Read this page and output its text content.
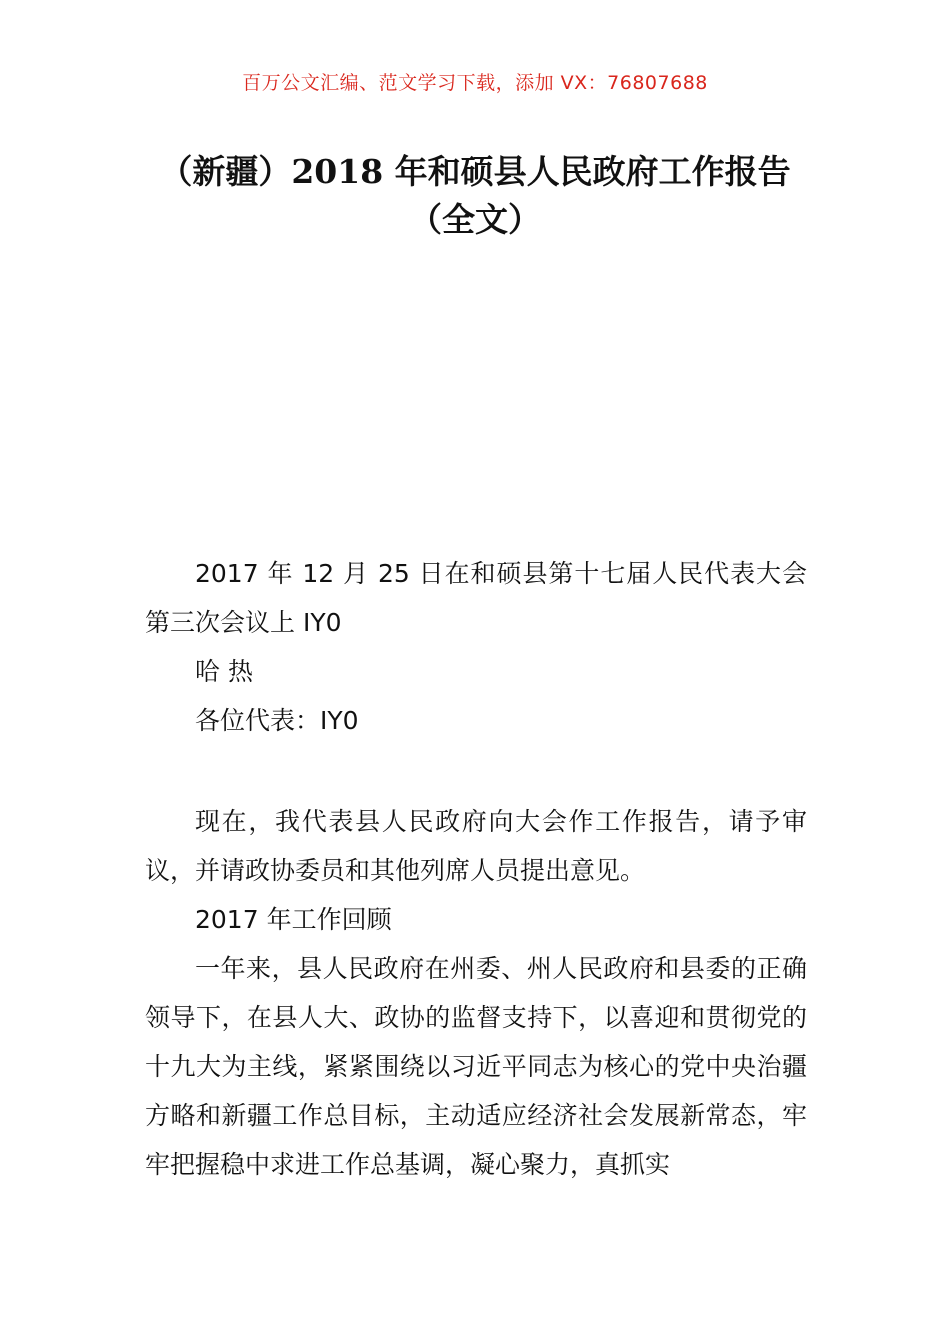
百万公文汇编、范文学习下载，添加 VX：76807688
（新疆）2018 年和硕县人民政府工作报告
（全文）

2017 年 12 月 25 日在和硕县第十七届人民代表大会第三次会议上 IY0

哈 热

各位代表：IY0

现在，我代表县人民政府向大会作工作报告，请予审议，并请政协委员和其他列席人员提出意见。

2017 年工作回顾

一年来，县人民政府在州委、州人民政府和县委的正确领导下，在县人大、政协的监督支持下，以喜迎和贯彻党的十九大为主线，紧紧围绕以习近平同志为核心的党中央治疆方略和新疆工作总目标，主动适应经济社会发展新常态，牢牢把握稳中求进工作总基调，凝心聚力，真抓实
